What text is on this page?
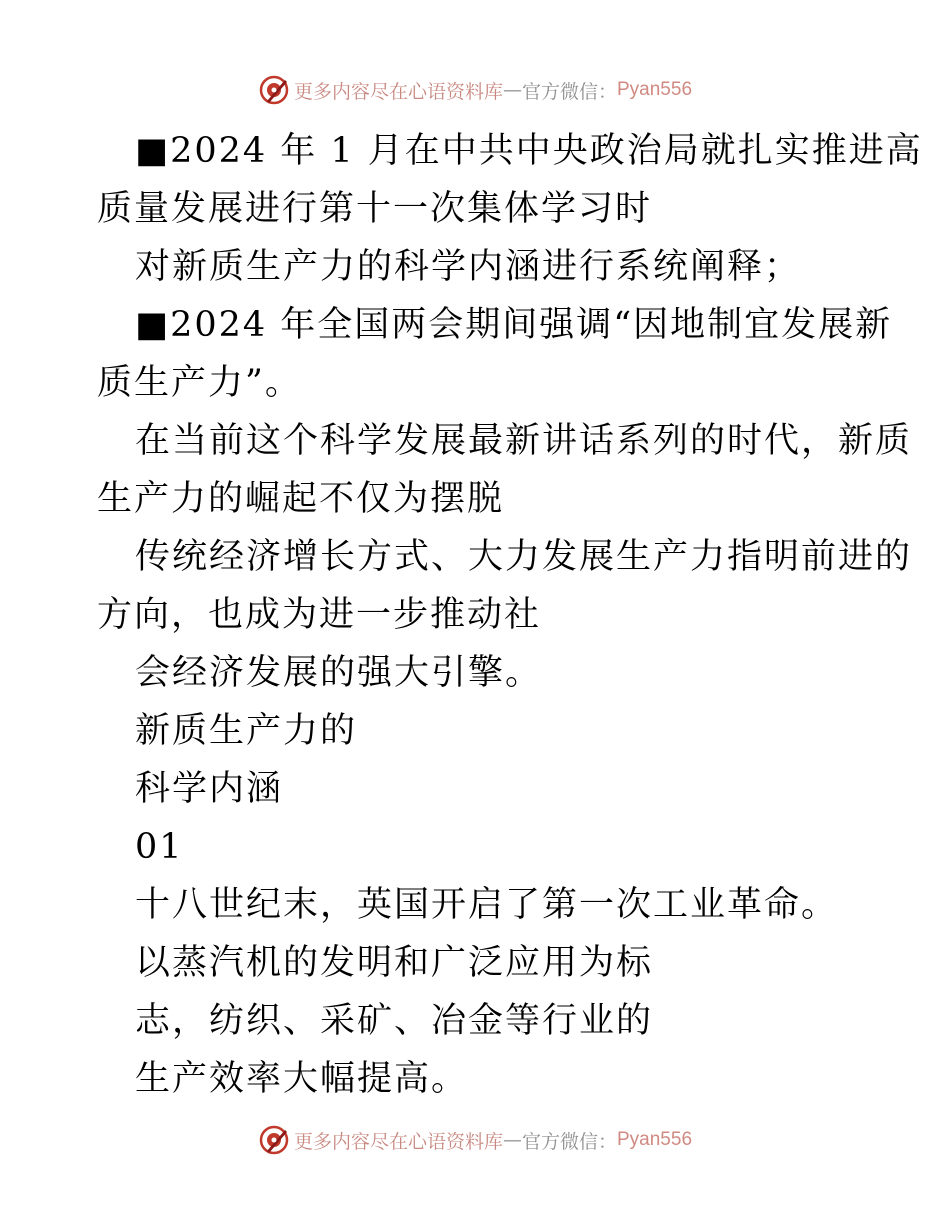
更多内容尽在心语资料库 — 官方微信： Pyan556
■2024 年 1 月在中共中央政治局就扎实推进高
质量发展进行第十一次集体学习时
对新质生产力的科学内涵进行系统阐释；
■2024 年全国两会期间强调“因地制宜发展新
质生产力”。
在当前这个科学发展最新讲话系列的时代，新质
生产力的崛起不仅为摆脱
传统经济增长方式、大力发展生产力指明前进的
方向，也成为进一步推动社
会经济发展的强大引擎。
新质生产力的
科学内涵
01
十八世纪末，英国开启了第一次工业革命。
以蒸汽机的发明和广泛应用为标
志，纺织、采矿、冶金等行业的
生产效率大幅提高。
更多内容尽在心语资料库 — 官方微信： Pyan556
